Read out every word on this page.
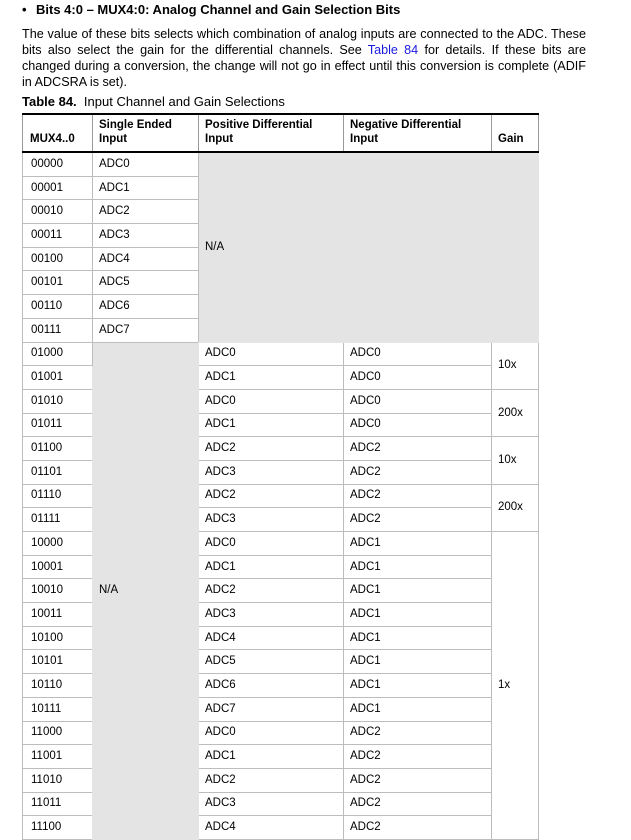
• Bits 4:0 – MUX4:0: Analog Channel and Gain Selection Bits
The value of these bits selects which combination of analog inputs are connected to the ADC. These bits also select the gain for the differential channels. See Table 84 for details. If these bits are changed during a conversion, the change will not go in effect until this conversion is complete (ADIF in ADCSRA is set).
Table 84. Input Channel and Gain Selections
MUX4..0	Single Ended Input	Positive Differential Input	Negative Differential Input	Gain
00000	ADC0	N/A		
00001	ADC1			
00010	ADC2			
00011	ADC3			
00100	ADC4			
00101	ADC5			
00110	ADC6			
00111	ADC7			
01000	N/A	ADC0	ADC0	10x
01001		ADC1	ADC0	
01010		ADC0	ADC0	200x
01011		ADC1	ADC0	
01100		ADC2	ADC2	10x
01101		ADC3	ADC2	
01110		ADC2	ADC2	200x
01111		ADC3	ADC2	
10000		ADC0	ADC1	1x
10001		ADC1	ADC1	
10010		ADC2	ADC1	
10011		ADC3	ADC1	
10100		ADC4	ADC1	
10101		ADC5	ADC1	
10110		ADC6	ADC1	
10111		ADC7	ADC1	
11000		ADC0	ADC2	
11001		ADC1	ADC2	
11010		ADC2	ADC2	
11011		ADC3	ADC2	
11100		ADC4	ADC2	
